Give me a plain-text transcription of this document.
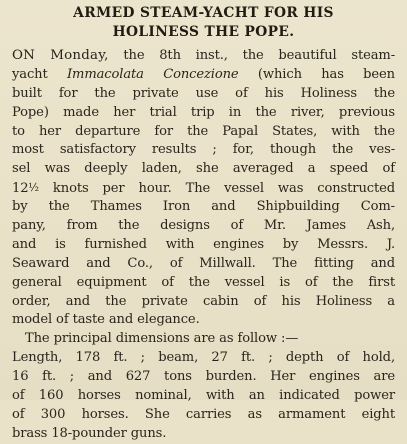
ARMED STEAM-YACHT FOR HIS
HOLINESS THE POPE.

ON Monday, the 8th inst., the beautiful steam-
yacht Immacolata Concezione (which has been
built for the private use of his Holiness the
Pope) made her trial trip in the river, previous
to her departure for the Papal States, with the
most satisfactory results ; for, though the ves-
sel was deeply laden, she averaged a speed of
12½ knots per hour. The vessel was constructed
by the Thames Iron and Shipbuilding Com-
pany, from the designs of Mr. James Ash,
and is furnished with engines by Messrs. J.
Seaward and Co., of Millwall. The fitting and
general equipment of the vessel is of the first
order, and the private cabin of his Holiness a
model of taste and elegance.

The principal dimensions are as follow :—
Length, 178 ft. ; beam, 27 ft. ; depth of hold,
16 ft. ; and 627 tons burden. Her engines are
of 160 horses nominal, with an indicated power
of 300 horses. She carries as armament eight
brass 18-pounder guns.
